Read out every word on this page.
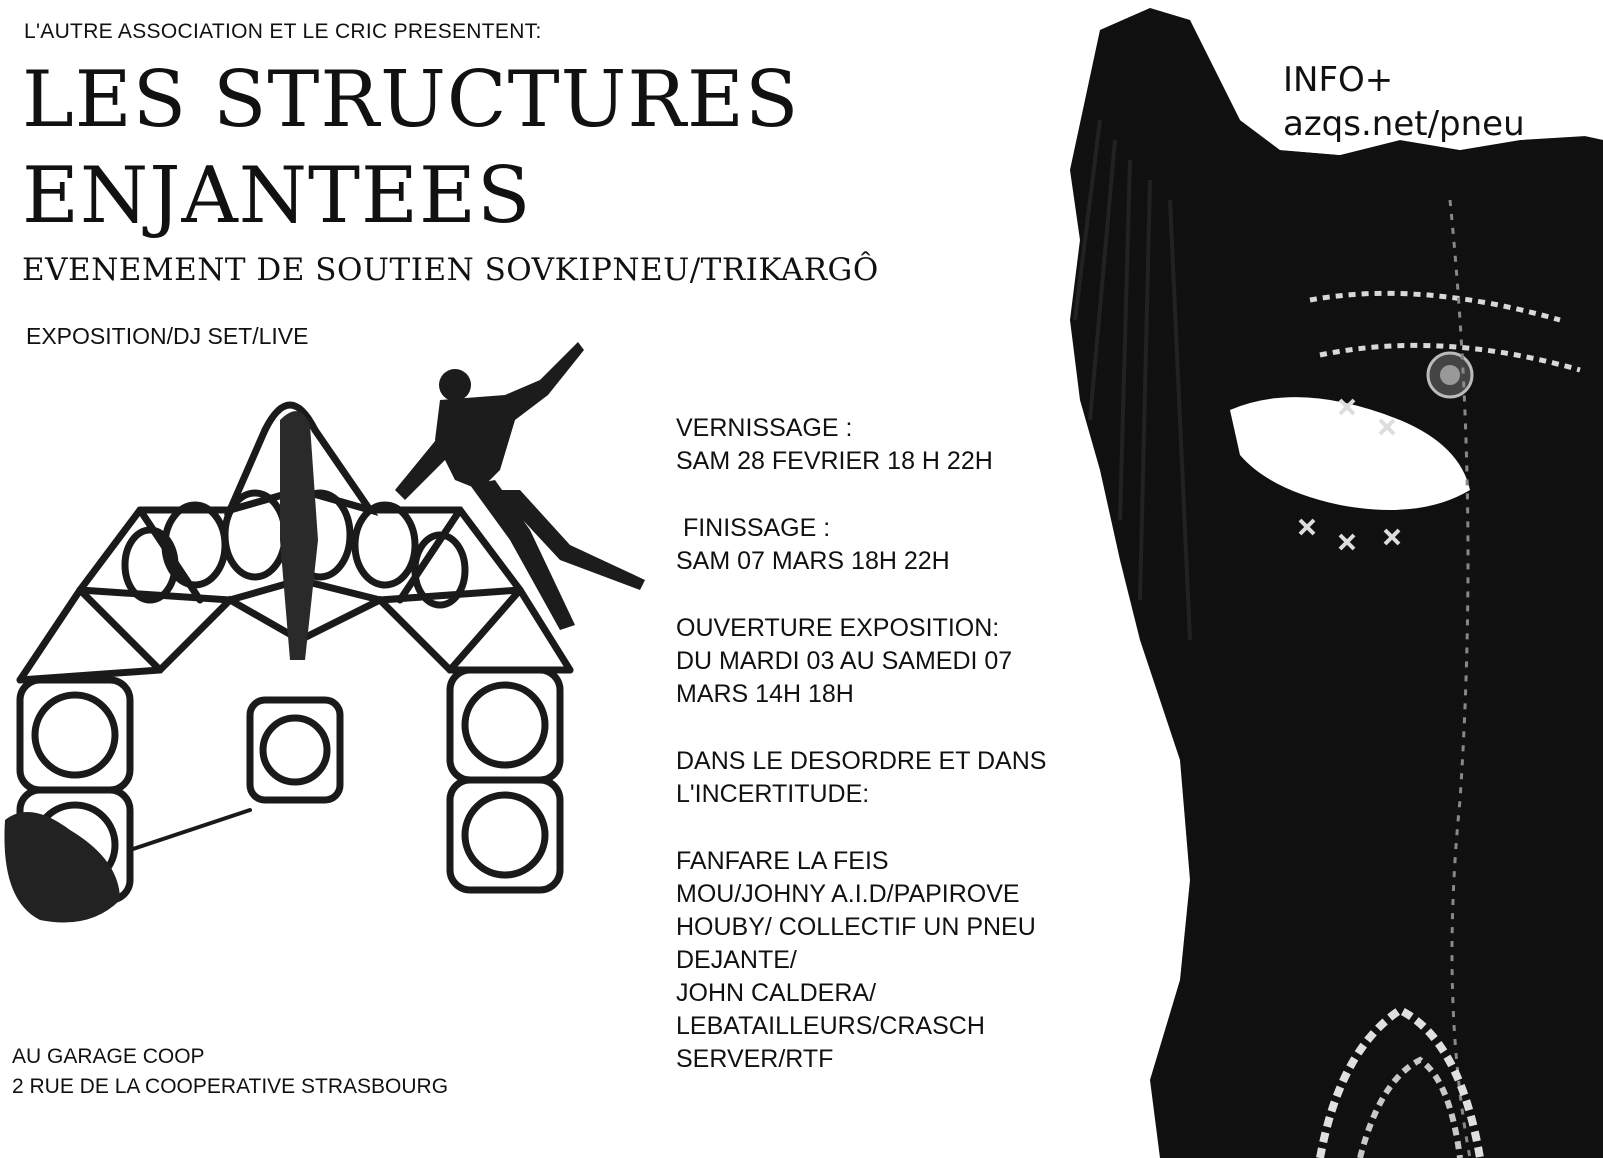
L'AUTRE ASSOCIATION ET LE CRIC PRESENTENT:
LES STRUCTURES
ENJANTEES
EVENEMENT DE SOUTIEN SOVKIPNEU/TRIKARGÔ
EXPOSITION/DJ SET/LIVE
INFO+
azqs.net/pneu
VERNISSAGE :
SAM 28 FEVRIER 18 H 22H
FINISSAGE :
SAM 07 MARS 18H 22H
OUVERTURE EXPOSITION:
DU MARDI 03 AU SAMEDI 07
MARS 14H 18H
DANS LE DESORDRE ET DANS
L'INCERTITUDE:
FANFARE LA FEIS
MOU/JOHNY A.I.D/PAPIROVE
HOUBY/ COLLECTIF UN PNEU
DEJANTE/
JOHN CALDERA/
LEBATAILLEURS/CRASCH
SERVER/RTF
AU GARAGE COOP
2 RUE DE LA COOPERATIVE STRASBOURG
